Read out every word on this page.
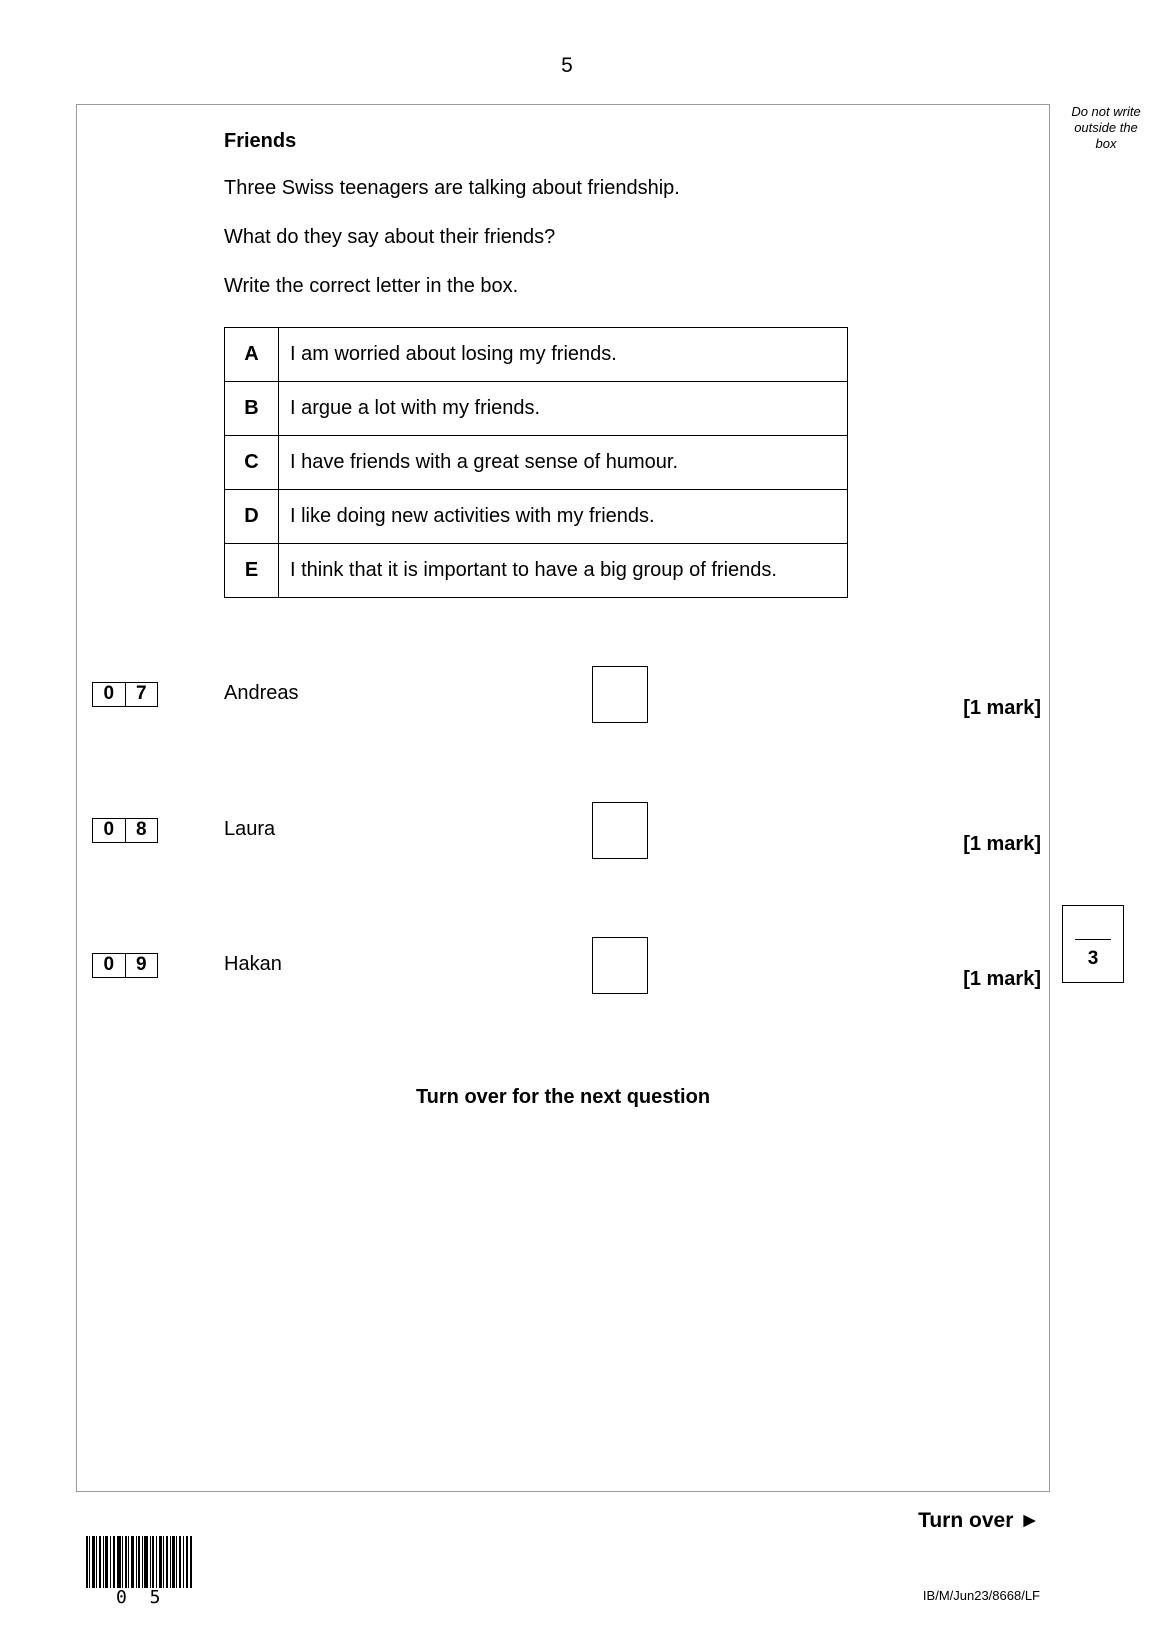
5
Do not write outside the box
Friends
Three Swiss teenagers are talking about friendship.
What do they say about their friends?
Write the correct letter in the box.
A	I am worried about losing my friends.
B	I argue a lot with my friends.
C	I have friends with a great sense of humour.
D	I like doing new activities with my friends.
E	I think that it is important to have a big group of friends.
0	7	Andreas
[1 mark]
0	8	Laura
[1 mark]
0	9	Hakan
[1 mark]
3
Turn over for the next question
Turn over ►
0 5	IB/M/Jun23/8668/LF
